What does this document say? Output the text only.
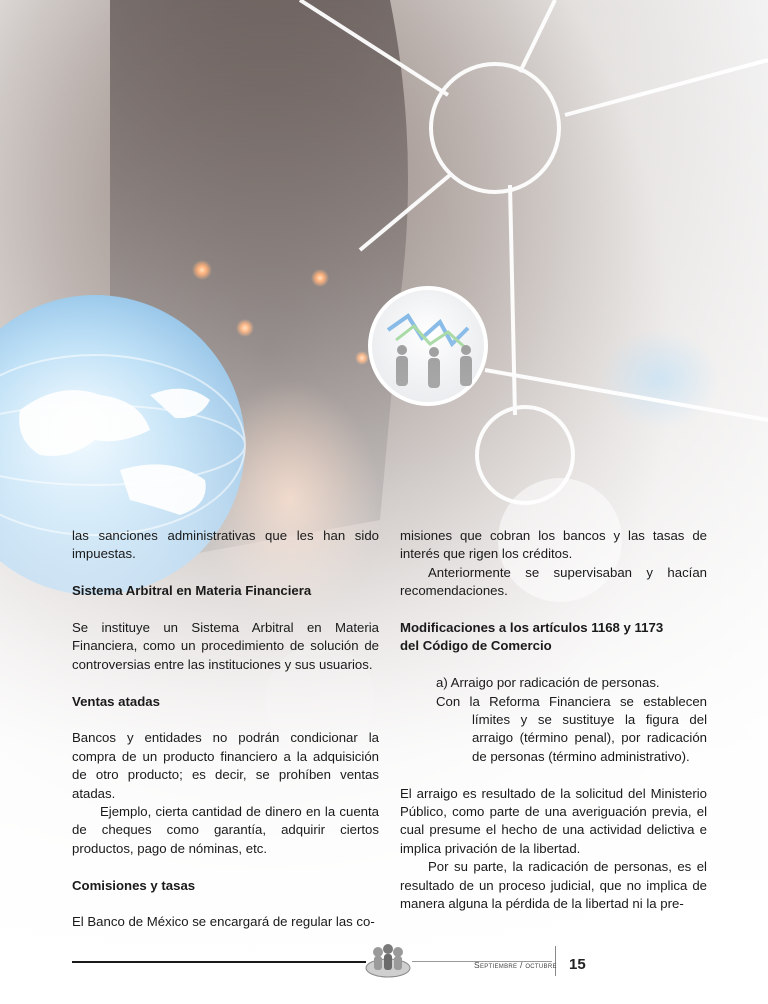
las sanciones administrativas que les han sido impuestas.

Sistema Arbitral en Materia Financiera

Se instituye un Sistema Arbitral en Materia Financiera, como un procedimiento de solución de controversias entre las instituciones y sus usuarios.

Ventas atadas

Bancos y entidades no podrán condicionar la compra de un producto financiero a la adquisición de otro producto; es decir, se prohíben ventas atadas.

Ejemplo, cierta cantidad de dinero en la cuenta de cheques como garantía, adquirir ciertos productos, pago de nóminas, etc.

Comisiones y tasas

El Banco de México se encargará de regular las co-

misiones que cobran los bancos y las tasas de interés que rigen los créditos.

Anteriormente se supervisaban y hacían recomendaciones.

Modificaciones a los artículos 1168 y 1173
del Código de Comercio

a) Arraigo por radicación de personas.

Con la Reforma Financiera se establecen límites y se sustituye la figura del arraigo (término penal), por radicación de personas (término administrativo).

El arraigo es resultado de la solicitud del Ministerio Público, como parte de una averiguación previa, el cual presume el hecho de una actividad delictiva e implica privación de la libertad.

Por su parte, la radicación de personas, es el resultado de un proceso judicial, que no implica de manera alguna la pérdida de la libertad ni la pre-

Septiembre / octubre 15
